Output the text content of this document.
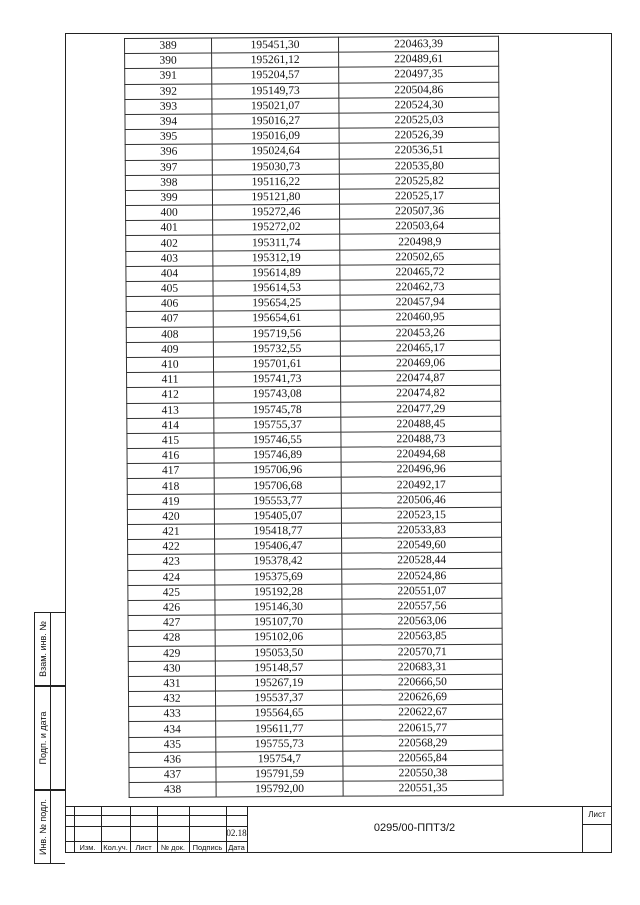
389	195451,30	220463,39
390	195261,12	220489,61
391	195204,57	220497,35
392	195149,73	220504,86
393	195021,07	220524,30
394	195016,27	220525,03
395	195016,09	220526,39
396	195024,64	220536,51
397	195030,73	220535,80
398	195116,22	220525,82
399	195121,80	220525,17
400	195272,46	220507,36
401	195272,02	220503,64
402	195311,74	220498,9
403	195312,19	220502,65
404	195614,89	220465,72
405	195614,53	220462,73
406	195654,25	220457,94
407	195654,61	220460,95
408	195719,56	220453,26
409	195732,55	220465,17
410	195701,61	220469,06
411	195741,73	220474,87
412	195743,08	220474,82
413	195745,78	220477,29
414	195755,37	220488,45
415	195746,55	220488,73
416	195746,89	220494,68
417	195706,96	220496,96
418	195706,68	220492,17
419	195553,77	220506,46
420	195405,07	220523,15
421	195418,77	220533,83
422	195406,47	220549,60
423	195378,42	220528,44
424	195375,69	220524,86
425	195192,28	220551,07
426	195146,30	220557,56
427	195107,70	220563,06
428	195102,06	220563,85
429	195053,50	220570,71
430	195148,57	220683,31
431	195267,19	220666,50
432	195537,37	220626,69
433	195564,65	220622,67
434	195611,77	220615,77
435	195755,73	220568,29
436	195754,7	220565,84
437	195791,59	220550,38
438	195792,00	220551,35
Взам. инв. №
Подп. и дата
Инв. № подл.	Изм.	Кол.уч.	Лист	№ док.	Подпись Дата
02.18	0295/00-ППТ3/2
Лист
